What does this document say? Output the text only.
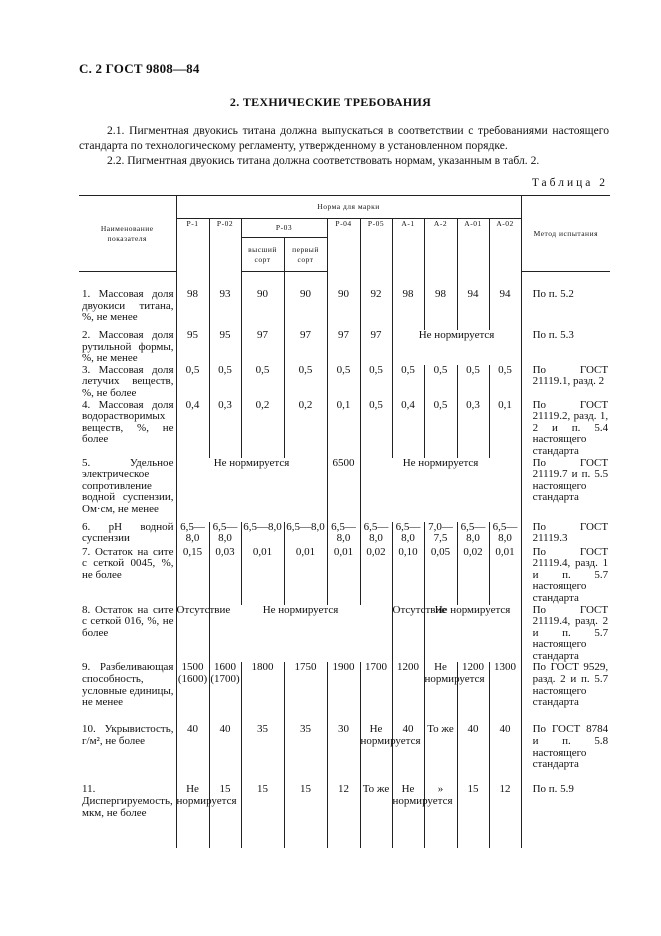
С. 2 ГОСТ 9808—84
2. ТЕХНИЧЕСКИЕ ТРЕБОВАНИЯ
2.1. Пигментная двуокись титана должна выпускаться в соответствии с требованиями настоящего стандарта по технологическому регламенту, утвержденному в установленном порядке.
2.2. Пигментная двуокись титана должна соответствовать нормам, указанным в табл. 2.
Таблица 2
Наименование показателя	Норма для марки										Метод испытания
	Р-1	Р-02	Р-03		Р-04	Р-05	А-1	А-2	А-01	А-02	
			высший сорт	первый сорт							

1. Массовая доля двуокиси титана, %, не менее	98	93	90	90	90	92	98	98	94	94	По п. 5.2
2. Массовая доля рутильной формы, %, не менее	95	95	97	97	97	97	Не нормируется				По п. 5.3
3. Массовая доля летучих веществ, %, не более	0,5	0,5	0,5	0,5	0,5	0,5	0,5	0,5	0,5	0,5	По ГОСТ 21119.1, разд. 2
4. Массовая доля водорастворимых веществ, %, не более	0,4	0,3	0,2	0,2	0,1	0,5	0,4	0,5	0,3	0,1	По ГОСТ 21119.2, разд. 1, 2 и п. 5.4 настоящего стандарта
5. Удельное электрическое сопротивление водной суспензии, Ом·см, не менее	Не нормируется				6500	Не нормируется					По ГОСТ 21119.7 и п. 5.5 настоящего стандарта
6. pH водной суспензии	6,5—8,0	6,5—8,0	6,5—8,0	6,5—8,0	6,5—8,0	6,5—8,0	6,5—8,0	7,0—7,5	6,5—8,0	6,5—8,0	По ГОСТ 21119.3
7. Остаток на сите с сеткой 0045, %, не более	0,15	0,03	0,01	0,01	0,01	0,02	0,10	0,05	0,02	0,01	По ГОСТ 21119.4, разд. 1 и п. 5.7 настоящего стандарта
8. Остаток на сите с сеткой 016, %, не более	Отсутствие	Не нормируется					Отсутствие	Не нормируется			По ГОСТ 21119.4, разд. 2 и п. 5.7 настоящего стандарта
9. Разбеливающая способность, условные единицы, не менее	1500 (1600)	1600 (1700)	1800	1750	1900	1700	1200	Не нормируется	1200	1300	По ГОСТ 9529, разд. 2 и п. 5.7 настоящего стандарта
10. Укрывистость, г/м², не более	40	40	35	35	30	Не нормируется	40	То же	40	40	По ГОСТ 8784 и п. 5.8 настоящего стандарта
11. Диспергируемость, мкм, не более	Не нормируется	15	15	15	12	То же	Не нормируется	»	15	12	По п. 5.9
